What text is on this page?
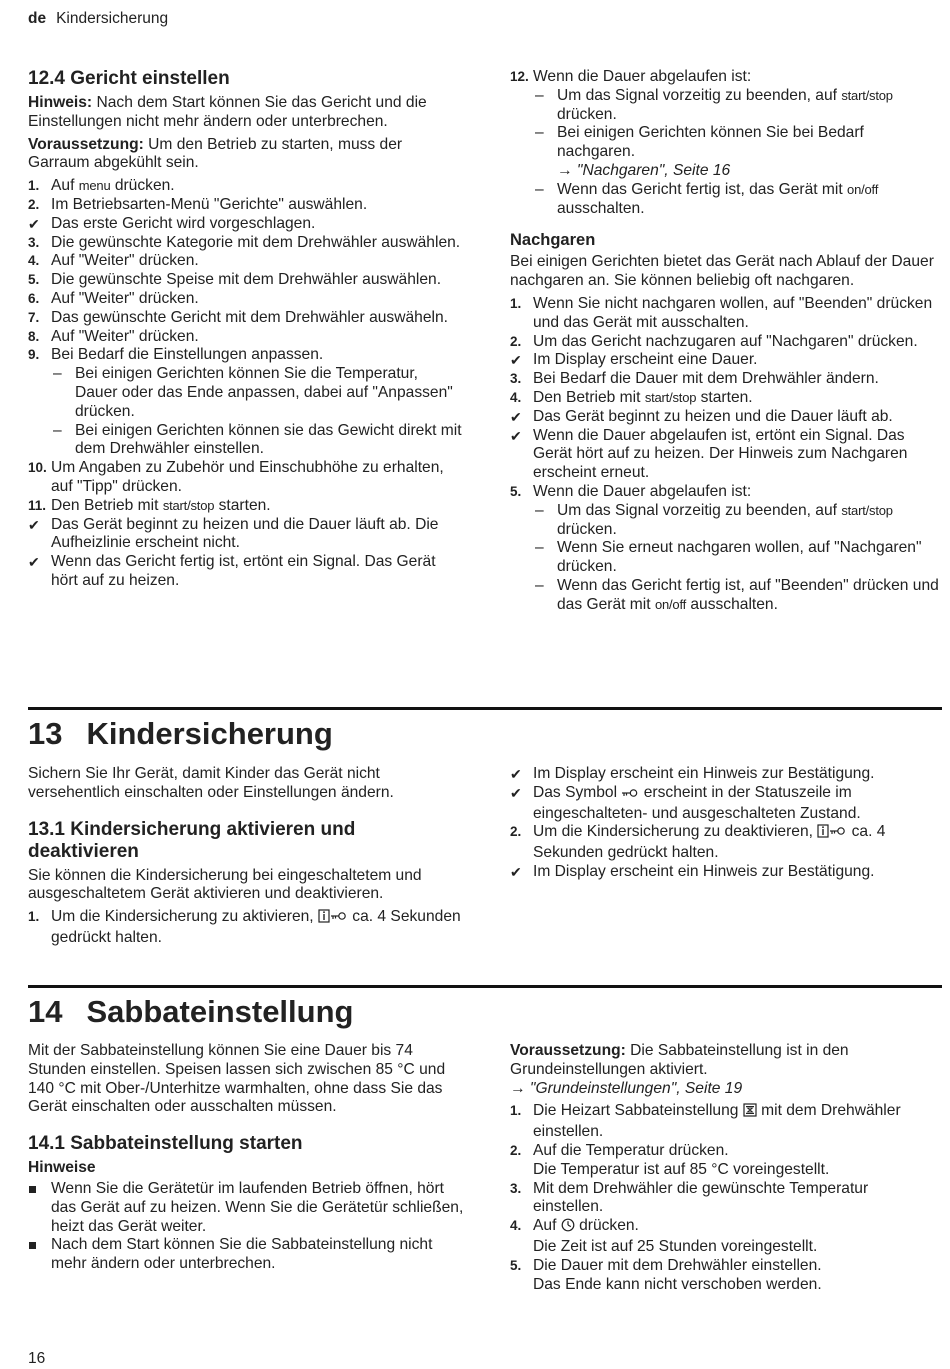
de Kindersicherung
12.4 Gericht einstellen

Hinweis: Nach dem Start können Sie das Gericht und die Einstellungen nicht mehr ändern oder unterbrechen.

Voraussetzung: Um den Betrieb zu starten, muss der Garraum abgekühlt sein.

1. Auf menu drücken.
2. Im Betriebsarten-Menü "Gerichte" auswählen.
✔ Das erste Gericht wird vorgeschlagen.
3. Die gewünschte Kategorie mit dem Drehwähler auswählen.
4. Auf "Weiter" drücken.
5. Die gewünschte Speise mit dem Drehwähler auswählen.
6. Auf "Weiter" drücken.
7. Das gewünschte Gericht mit dem Drehwähler auswäheln.
8. Auf "Weiter" drücken.
9. Bei Bedarf die Einstellungen anpassen.
– Bei einigen Gerichten können Sie die Temperatur, Dauer oder das Ende anpassen, dabei auf "Anpassen" drücken.
– Bei einigen Gerichten können sie das Gewicht direkt mit dem Drehwähler einstellen.
10. Um Angaben zu Zubehör und Einschubhöhe zu erhalten, auf "Tipp" drücken.
11. Den Betrieb mit start/stop starten.
✔ Das Gerät beginnt zu heizen und die Dauer läuft ab. Die Aufheizlinie erscheint nicht.
✔ Wenn das Gericht fertig ist, ertönt ein Signal. Das Gerät hört auf zu heizen.
12. Wenn die Dauer abgelaufen ist:
– Um das Signal vorzeitig zu beenden, auf start/stop drücken.
– Bei einigen Gerichten können Sie bei Bedarf nachgaren.
→ "Nachgaren", Seite 16
– Wenn das Gericht fertig ist, das Gerät mit on/off ausschalten.
Nachgaren

Bei einigen Gerichten bietet das Gerät nach Ablauf der Dauer nachgaren an. Sie können beliebig oft nachgaren.

1. Wenn Sie nicht nachgaren wollen, auf "Beenden" drücken und das Gerät mit ausschalten.
2. Um das Gericht nachzugaren auf "Nachgaren" drücken.
✔ Im Display erscheint eine Dauer.
3. Bei Bedarf die Dauer mit dem Drehwähler ändern.
4. Den Betrieb mit start/stop starten.
✔ Das Gerät beginnt zu heizen und die Dauer läuft ab.
✔ Wenn die Dauer abgelaufen ist, ertönt ein Signal. Das Gerät hört auf zu heizen. Der Hinweis zum Nachgaren erscheint erneut.
5. Wenn die Dauer abgelaufen ist:
– Um das Signal vorzeitig zu beenden, auf start/stop drücken.
– Wenn Sie erneut nachgaren wollen, auf "Nachgaren" drücken.
– Wenn das Gericht fertig ist, auf "Beenden" drücken und das Gerät mit on/off ausschalten.
13 Kindersicherung

Sichern Sie Ihr Gerät, damit Kinder das Gerät nicht versehentlich einschalten oder Einstellungen ändern.

13.1 Kindersicherung aktivieren und deaktivieren

Sie können die Kindersicherung bei eingeschaltetem und ausgeschaltetem Gerät aktivieren und deaktivieren.

1. Um die Kindersicherung zu aktivieren,  ca. 4 Sekunden gedrückt halten.
✔ Im Display erscheint ein Hinweis zur Bestätigung.
✔ Das Symbol  erscheint in der Statuszeile im eingeschalteten- und ausgeschalteten Zustand.
2. Um die Kindersicherung zu deaktivieren,  ca. 4 Sekunden gedrückt halten.
✔ Im Display erscheint ein Hinweis zur Bestätigung.
14 Sabbateinstellung

Mit der Sabbateinstellung können Sie eine Dauer bis 74 Stunden einstellen. Speisen lassen sich zwischen 85 °C und 140 °C mit Ober-/Unterhitze warmhalten, ohne dass Sie das Gerät einschalten oder ausschalten müssen.

14.1 Sabbateinstellung starten
Hinweise
Wenn Sie die Gerätetür im laufenden Betrieb öffnen, hört das Gerät auf zu heizen. Wenn Sie die Gerätetür schließen, heizt das Gerät weiter.
Nach dem Start können Sie die Sabbateinstellung nicht mehr ändern oder unterbrechen.

Voraussetzung: Die Sabbateinstellung ist in den Grundeinstellungen aktiviert.

→ "Grundeinstellungen", Seite 19
1. Die Heizart Sabbateinstellung  mit dem Drehwähler einstellen.
2. Auf die Temperatur drücken.
Die Temperatur ist auf 85 °C voreingestellt.
3. Mit dem Drehwähler die gewünschte Temperatur einstellen.
4. Auf  drücken.
Die Zeit ist auf 25 Stunden voreingestellt.
5. Die Dauer mit dem Drehwähler einstellen.
Das Ende kann nicht verschoben werden.
16
